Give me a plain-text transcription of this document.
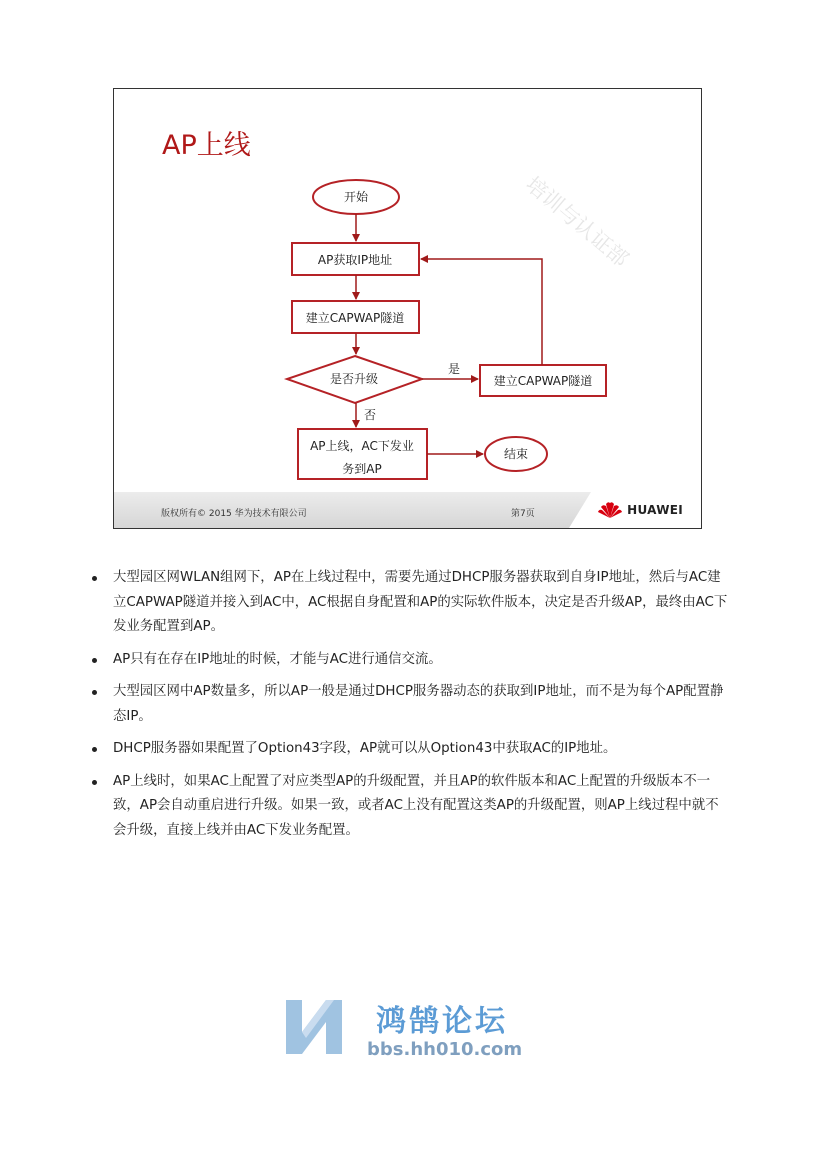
培训与认证部
AP上线
开始
AP获取IP地址
建立CAPWAP隧道
是否升级	建立CAPWAP隧道
是
否
AP上线，AC下发业
务到AP
结束
版权所有© 2015 华为技术有限公司	第7页	HUAWEI
大型园区网WLAN组网下，AP在上线过程中，需要先通过DHCP服务器获取到自身IP地址，然后与AC建立CAPWAP隧道并接入到AC中，AC根据自身配置和AP的实际软件版本，决定是否升级AP，最终由AC下发业务配置到AP。
AP只有在存在IP地址的时候，才能与AC进行通信交流。
大型园区网中AP数量多，所以AP一般是通过DHCP服务器动态的获取到IP地址，而不是为每个AP配置静态IP。
DHCP服务器如果配置了Option43字段，AP就可以从Option43中获取AC的IP地址。
AP上线时，如果AC上配置了对应类型AP的升级配置，并且AP的软件版本和AC上配置的升级版本不一致，AP会自动重启进行升级。如果一致，或者AC上没有配置这类AP的升级配置，则AP上线过程中就不会升级，直接上线并由AC下发业务配置。
鸿鹄论坛
bbs.hh010.com
